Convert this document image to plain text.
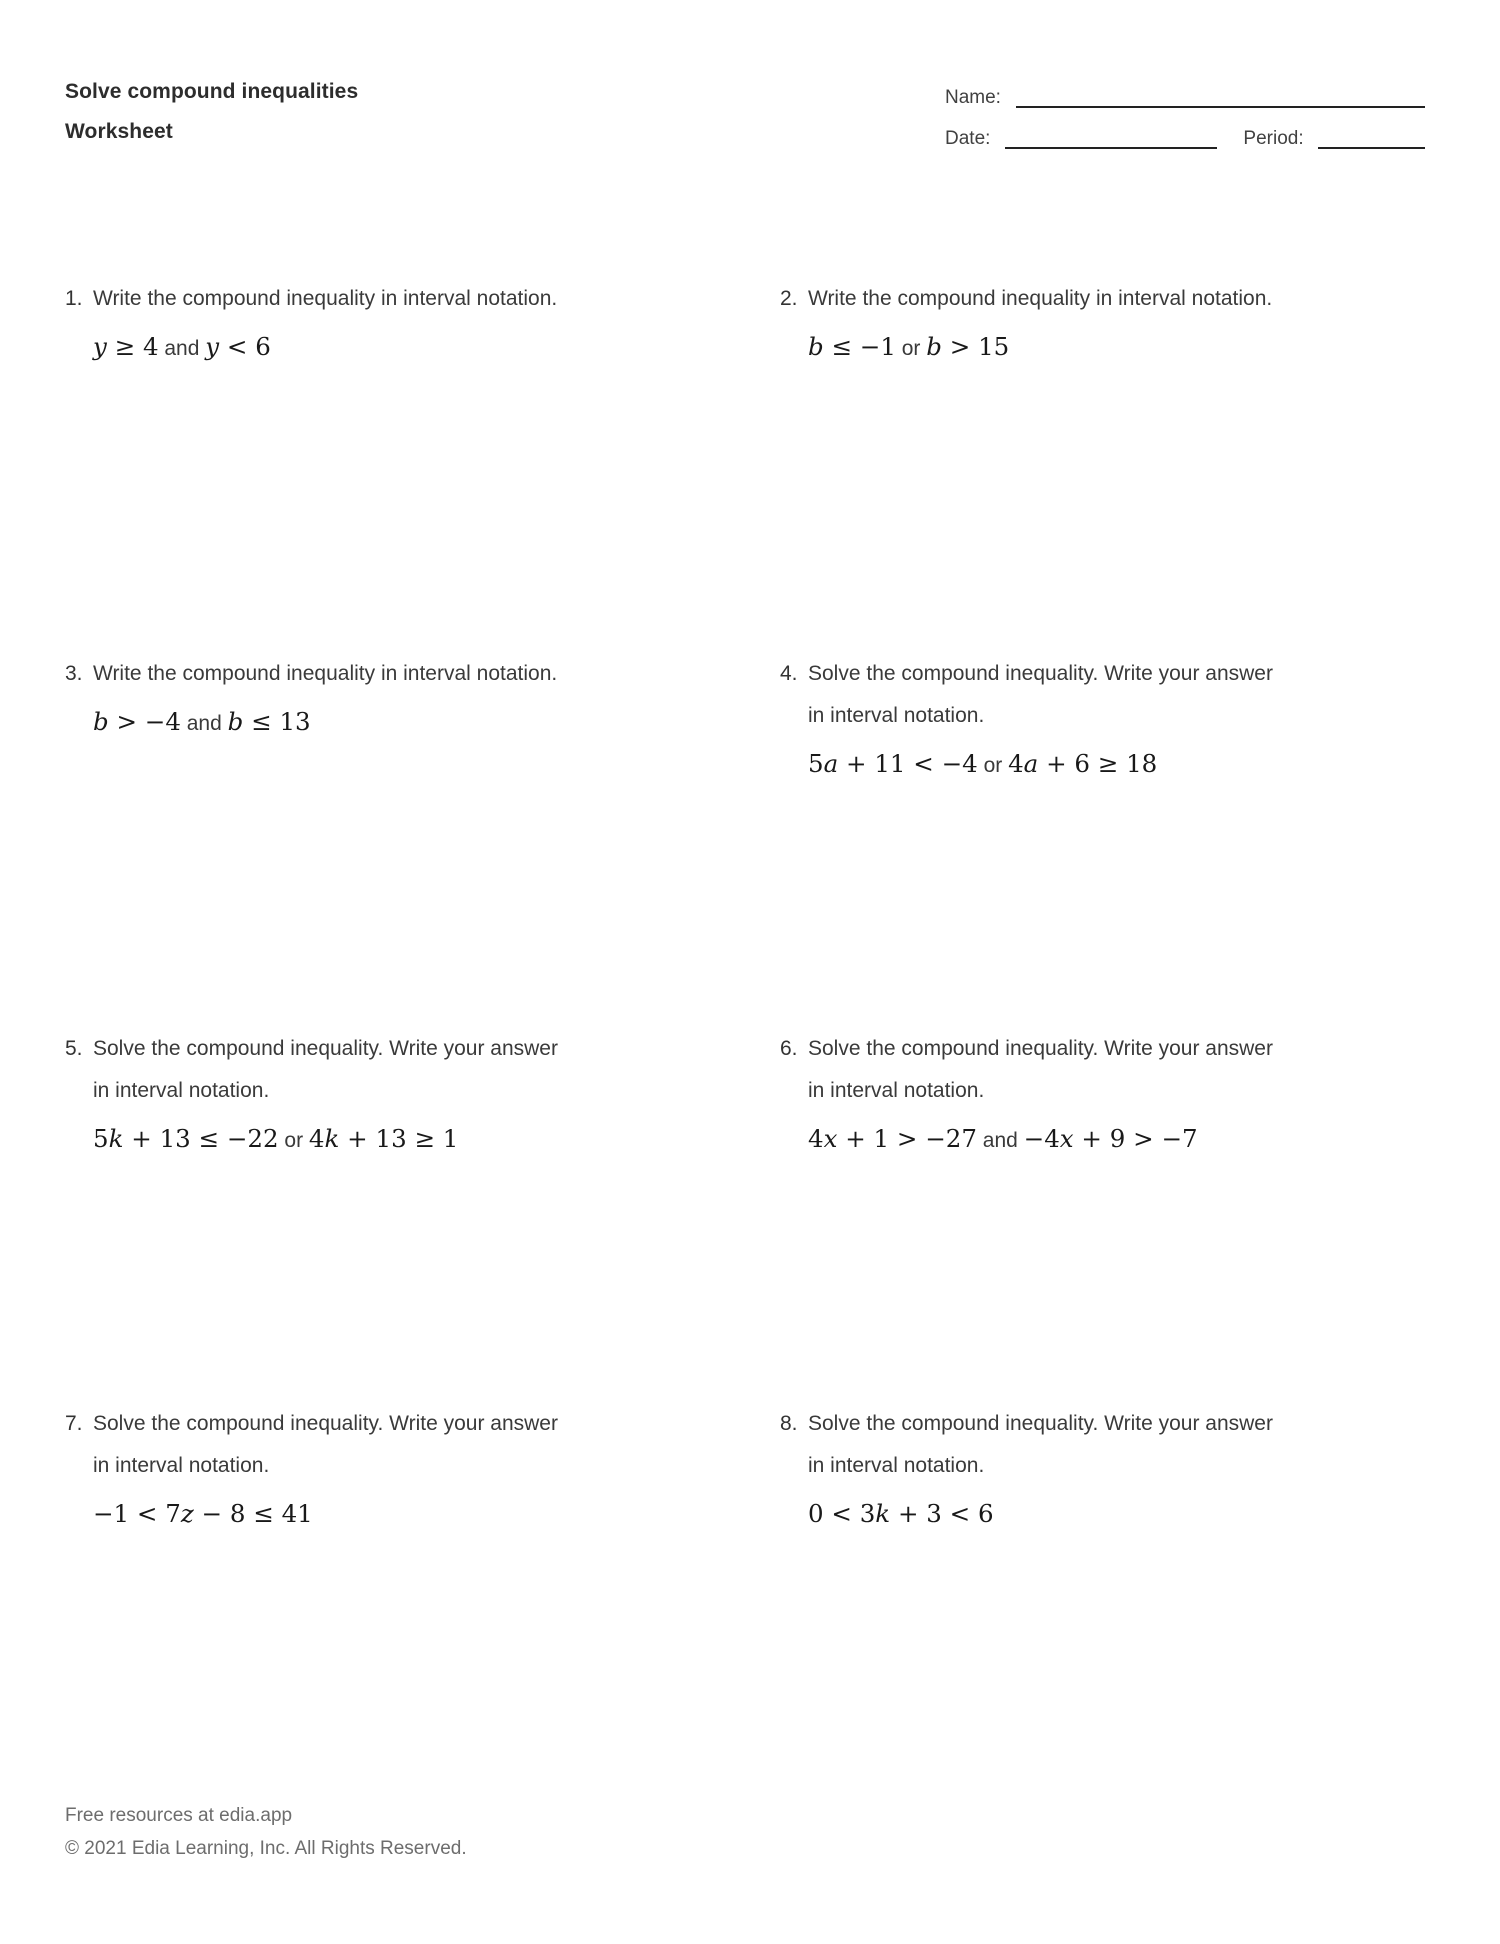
Solve compound inequalities
Worksheet
Name:
Date:	Period:
1. Write the compound inequality in interval notation.
y ≥ 4 and y < 6
2. Write the compound inequality in interval notation.
b ≤ −1 or b > 15
3. Write the compound inequality in interval notation.
b > −4 and b ≤ 13
4. Solve the compound inequality. Write your answer in interval notation.
5a + 11 < −4 or 4a + 6 ≥ 18
5. Solve the compound inequality. Write your answer in interval notation.
5k + 13 ≤ −22 or 4k + 13 ≥ 1
6. Solve the compound inequality. Write your answer in interval notation.
4x + 1 > −27 and −4x + 9 > −7
7. Solve the compound inequality. Write your answer in interval notation.
−1 < 7z − 8 ≤ 41
8. Solve the compound inequality. Write your answer in interval notation.
0 < 3k + 3 < 6
Free resources at edia.app
© 2021 Edia Learning, Inc. All Rights Reserved.
